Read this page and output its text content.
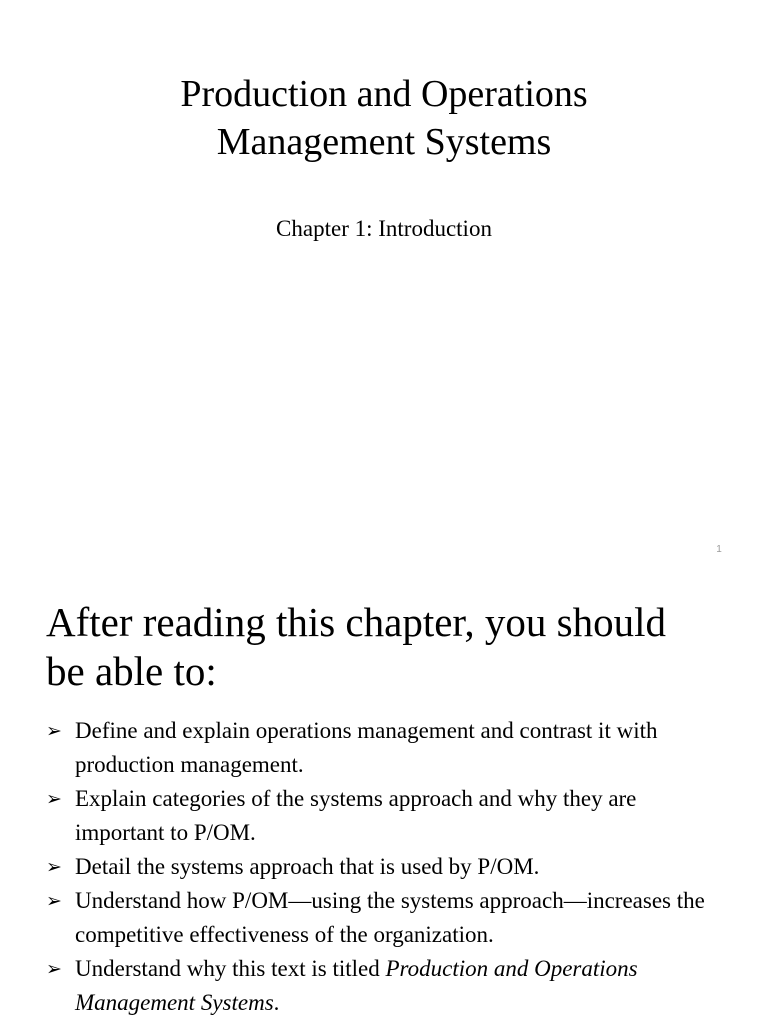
Production and Operations
Management Systems
Chapter 1: Introduction
1
After reading this chapter, you should
be able to:
➢ Define and explain operations management and contrast it with production management.
➢ Explain categories of the systems approach and why they are important to P/OM.
➢ Detail the systems approach that is used by P/OM.
➢ Understand how P/OM—using the systems approach—increases the competitive effectiveness of the organization.
➢ Understand why this text is titled Production and Operations Management Systems.
